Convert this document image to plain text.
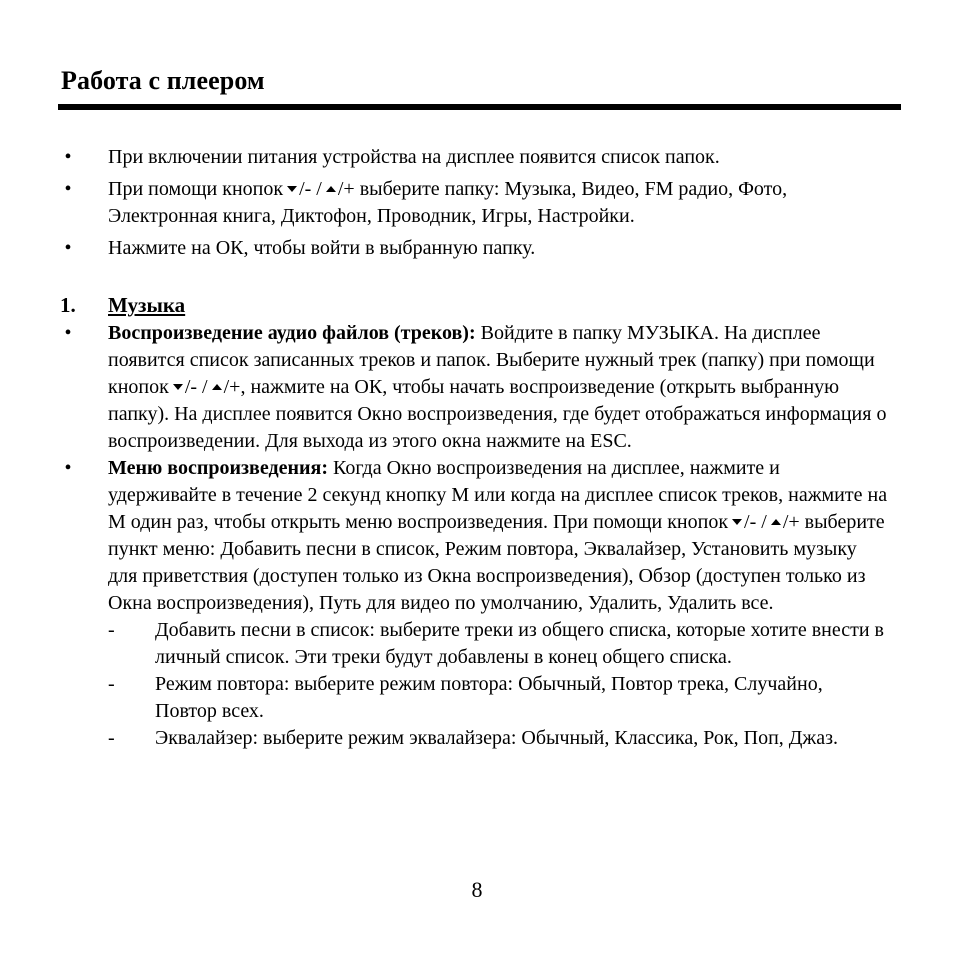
Работа с плеером
• При включении питания устройства на дисплее появится список папок.
• При помощи кнопок /- / /+ выберите папку: Музыка, Видео, FM радио, Фото, Электронная книга, Диктофон, Проводник, Игры, Настройки.
• Нажмите на ОК, чтобы войти в выбранную папку.
1. Музыка
• Воспроизведение аудио файлов (треков): Войдите в папку МУЗЫКА. На дисплее появится список записанных треков и папок. Выберите нужный трек (папку) при помощи кнопок /- / /+, нажмите на ОК, чтобы начать воспроизведение (открыть выбранную папку). На дисплее появится Окно воспроизведения, где будет отображаться информация о воспроизведении. Для выхода из этого окна нажмите на ESC.
• Меню воспроизведения: Когда Окно воспроизведения на дисплее, нажмите и удерживайте в течение 2 секунд кнопку М или когда на дисплее список треков, нажмите на М один раз, чтобы открыть меню воспроизведения. При помощи кнопок /- / /+ выберите пункт меню: Добавить песни в список, Режим повтора, Эквалайзер, Установить музыку для приветствия (доступен только из Окна воспроизведения), Обзор (доступен только из Окна воспроизведения), Путь для видео по умолчанию, Удалить, Удалить все.
- Добавить песни в список: выберите треки из общего списка, которые хотите внести в личный список. Эти треки будут добавлены в конец общего списка.
- Режим повтора: выберите режим повтора: Обычный, Повтор трека, Случайно, Повтор всех.
- Эквалайзер: выберите режим эквалайзера: Обычный, Классика, Рок, Поп, Джаз.
8
